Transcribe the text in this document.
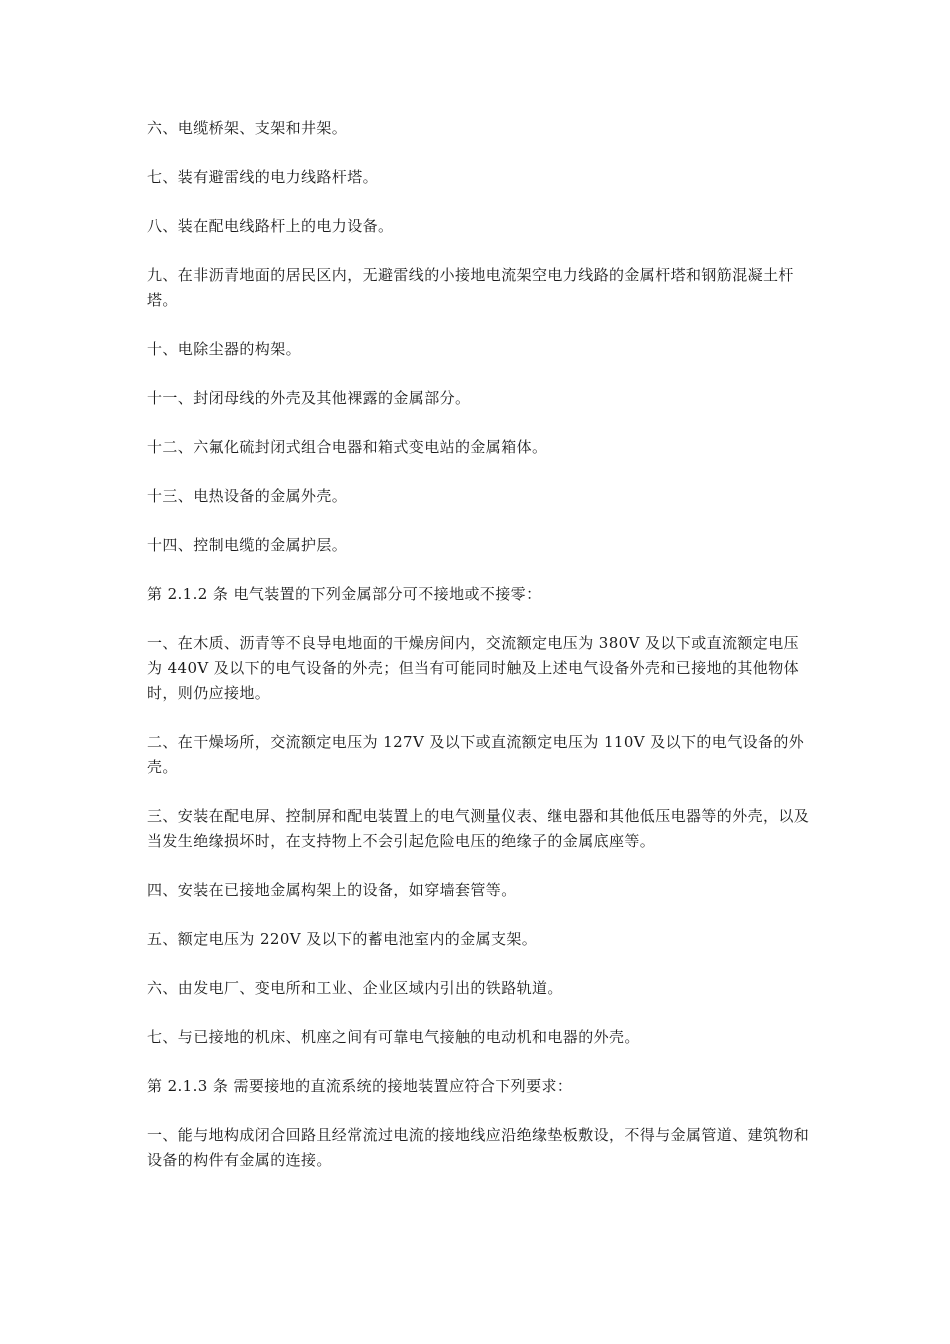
六、电缆桥架、支架和井架。

七、装有避雷线的电力线路杆塔。

八、装在配电线路杆上的电力设备。

九、在非沥青地面的居民区内，无避雷线的小接地电流架空电力线路的金属杆塔和钢筋混凝土杆塔。

十、电除尘器的构架。

十一、封闭母线的外壳及其他裸露的金属部分。

十二、六氟化硫封闭式组合电器和箱式变电站的金属箱体。

十三、电热设备的金属外壳。

十四、控制电缆的金属护层。

第 2.1.2 条 电气装置的下列金属部分可不接地或不接零：

一、在木质、沥青等不良导电地面的干燥房间内，交流额定电压为 380V 及以下或直流额定电压为 440V 及以下的电气设备的外壳；但当有可能同时触及上述电气设备外壳和已接地的其他物体时，则仍应接地。

二、在干燥场所，交流额定电压为 127V 及以下或直流额定电压为 110V 及以下的电气设备的外壳。

三、安装在配电屏、控制屏和配电装置上的电气测量仪表、继电器和其他低压电器等的外壳，以及当发生绝缘损坏时，在支持物上不会引起危险电压的绝缘子的金属底座等。

四、安装在已接地金属构架上的设备，如穿墙套管等。

五、额定电压为 220V 及以下的蓄电池室内的金属支架。

六、由发电厂、变电所和工业、企业区域内引出的铁路轨道。

七、与已接地的机床、机座之间有可靠电气接触的电动机和电器的外壳。

第 2.1.3 条 需要接地的直流系统的接地装置应符合下列要求：

一、能与地构成闭合回路且经常流过电流的接地线应沿绝缘垫板敷设，不得与金属管道、建筑物和设备的构件有金属的连接。
